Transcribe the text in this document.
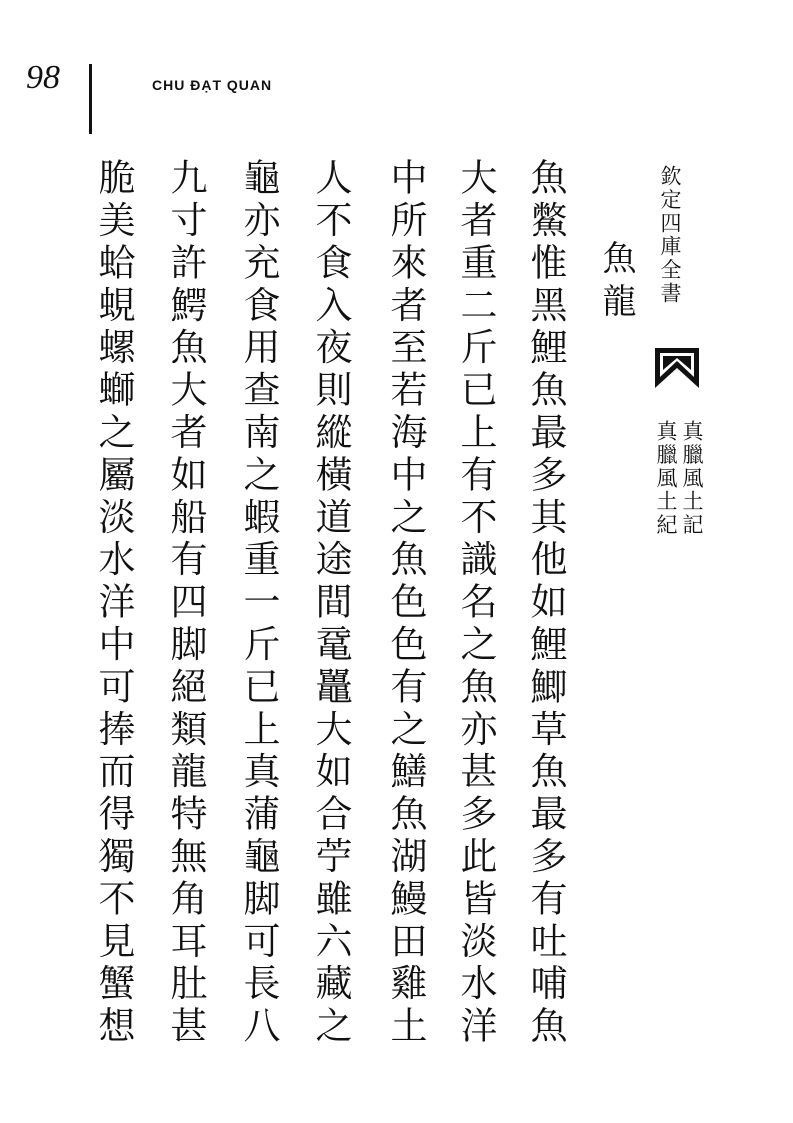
98	CHU ĐẠT QUAN
欽定四庫全書
真臘風土記
真臘風土紀
魚龍
魚鱉惟黑鯉魚最多其他如鯉鯽草魚最多有吐哺魚
大者重二斤已上有不識名之魚亦甚多此皆淡水洋
中所來者至若海中之魚色色有之鱔魚湖鰻田雞土
人不食入夜則縱橫道途間鼋鼉大如合苧雖六藏之
龜亦充食用查南之蝦重一斤已上真蒲龜脚可長八
九寸許鰐魚大者如船有四脚絕類龍特無角耳肚甚
脆美蛤蜆螺螄之屬淡水洋中可捧而得獨不見蟹想
